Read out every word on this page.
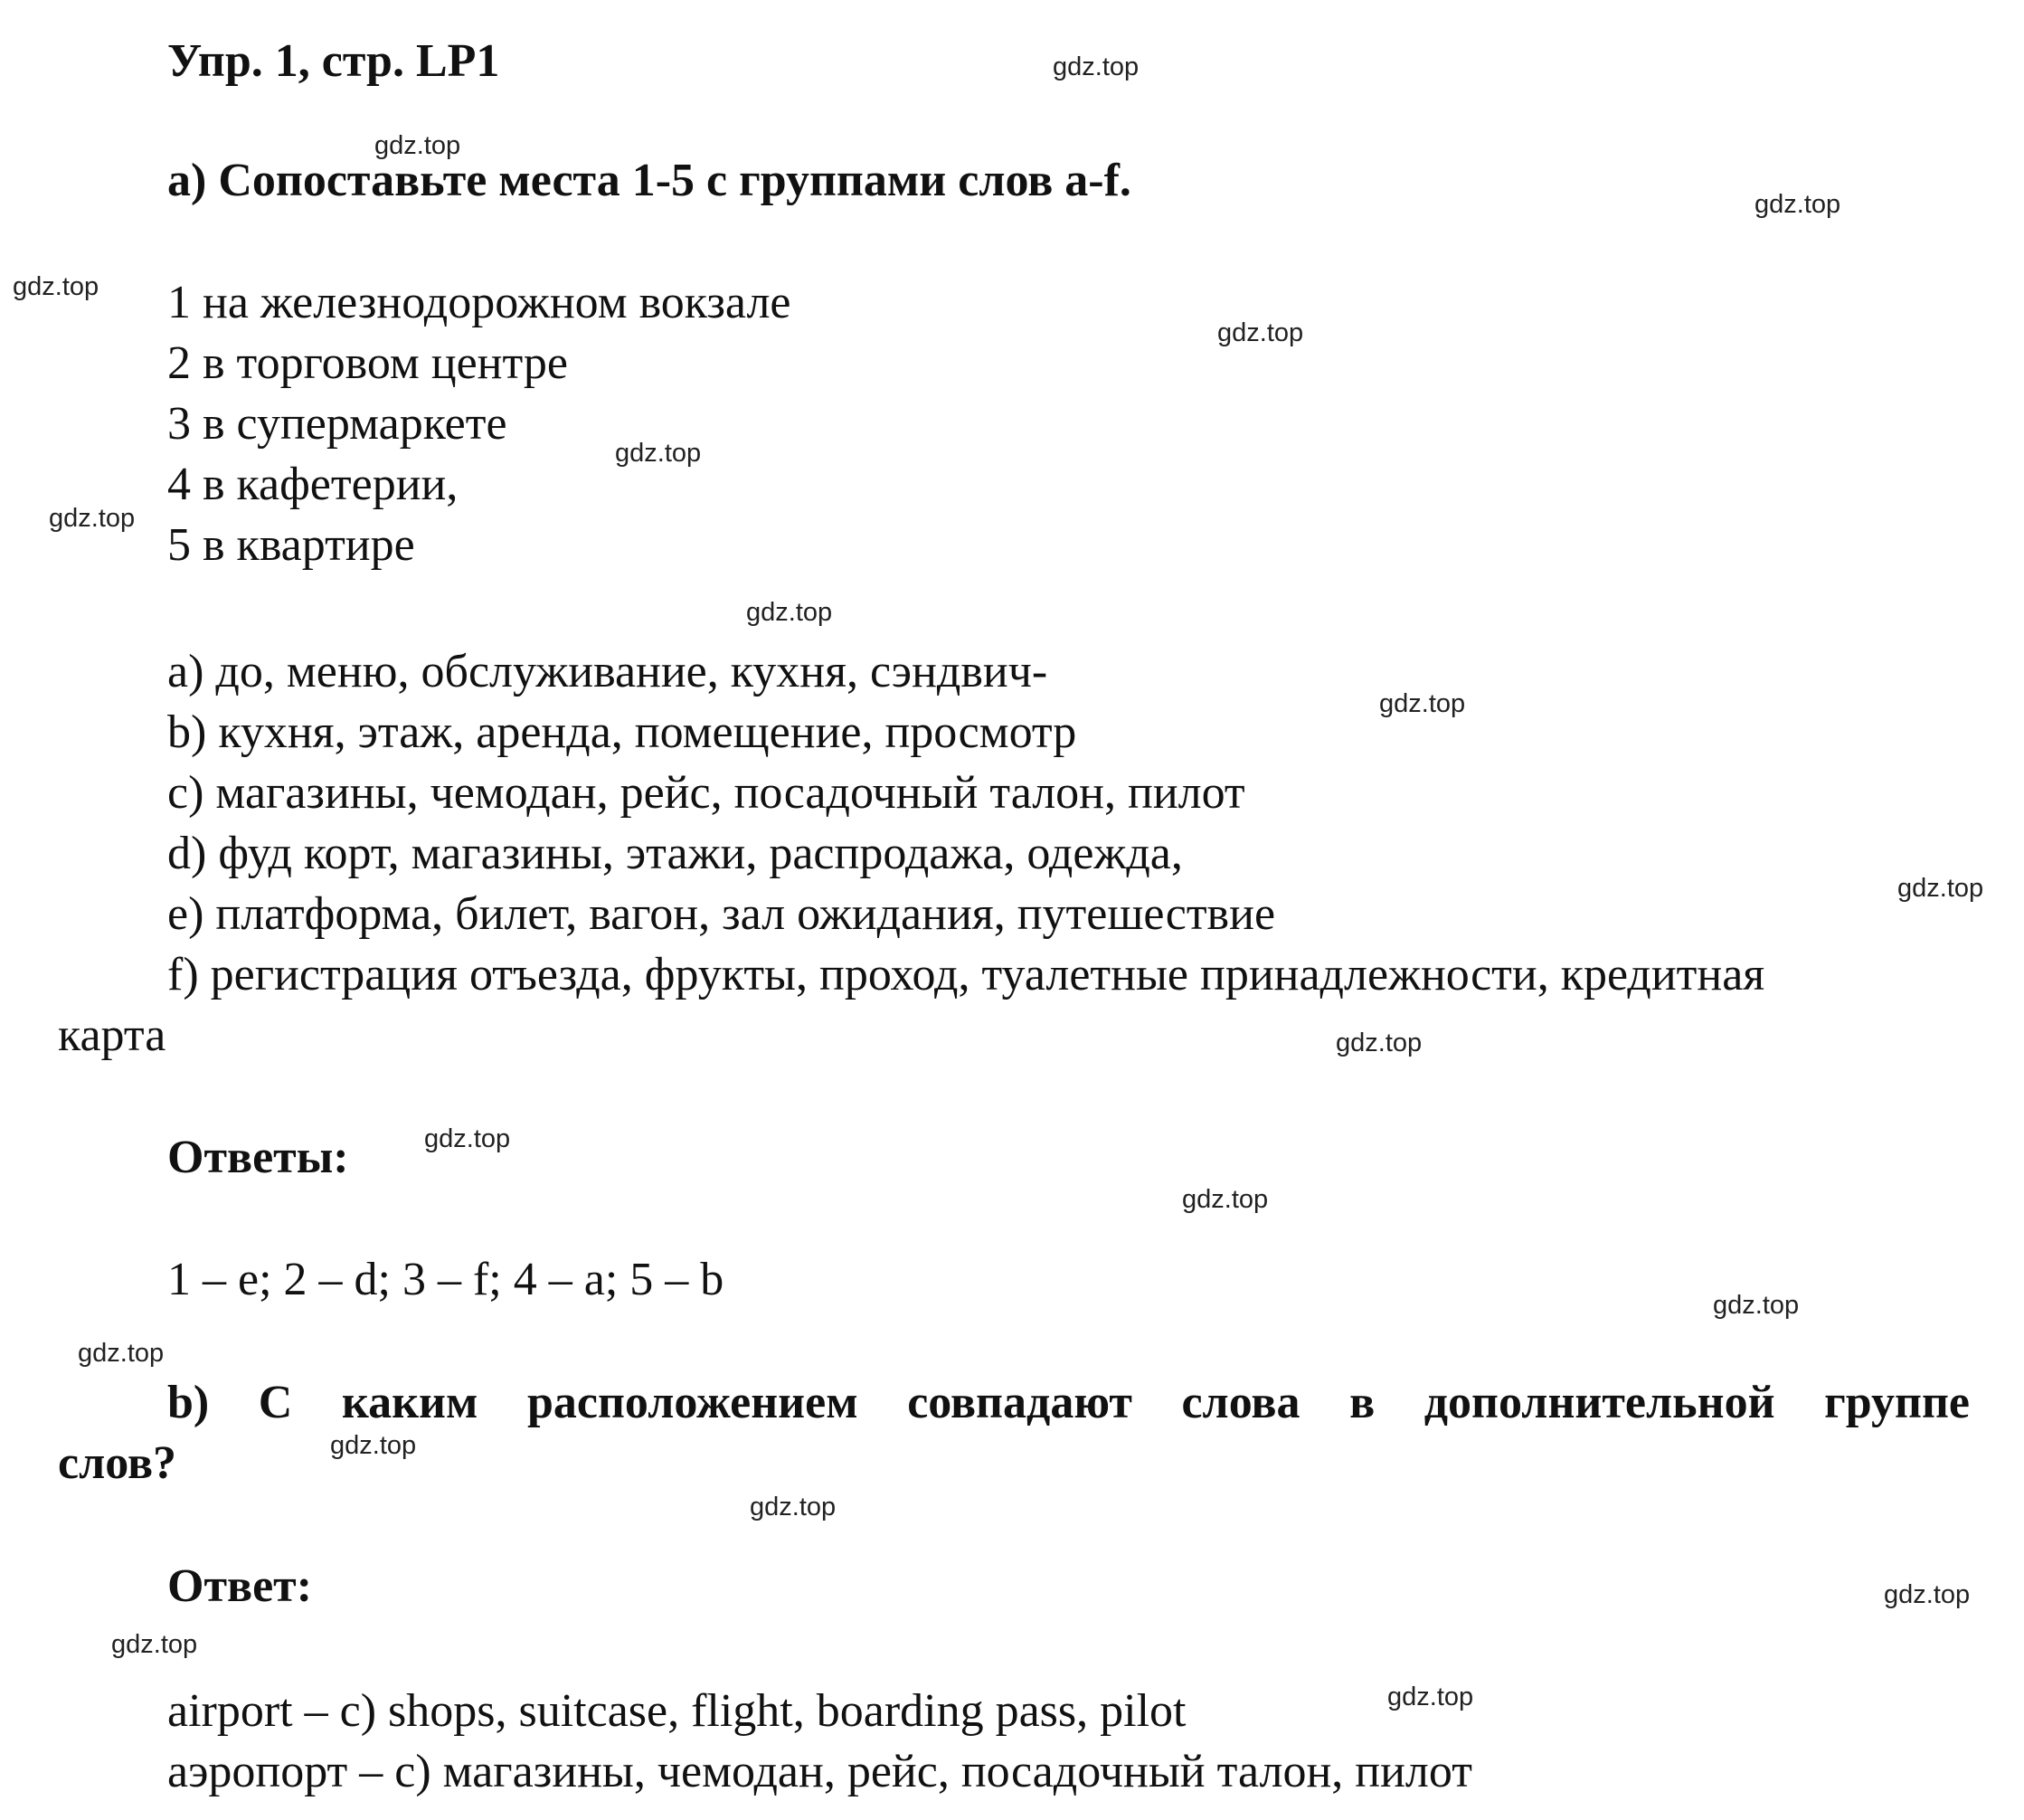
Упр. 1, стр. LP1
а) Сопоставьте места 1-5 с группами слов a-f.
1 на железнодорожном вокзале
2 в торговом центре
3 в супермаркете
4 в кафетерии,
5 в квартире
a) до, меню, обслуживание, кухня, сэндвич-
b) кухня, этаж, аренда, помещение, просмотр
c) магазины, чемодан, рейс, посадочный талон, пилот
d) фуд корт, магазины, этажи, распродажа, одежда,
e) платформа, билет, вагон, зал ожидания, путешествие
f) регистрация отъезда, фрукты, проход, туалетные принадлежности, кредитная
карта
Ответы:
1 – e; 2 – d; 3 – f; 4 – a; 5 – b
b) С каким расположением совпадают слова в дополнительной группе
слов?
Ответ:
airport – c) shops, suitcase, flight, boarding pass, pilot
аэропорт – c) магазины, чемодан, рейс, посадочный талон, пилот
gdz.top
gdz.top
gdz.top
gdz.top
gdz.top
gdz.top
gdz.top
gdz.top
gdz.top
gdz.top
gdz.top
gdz.top
gdz.top
gdz.top
gdz.top
gdz.top
gdz.top
gdz.top
gdz.top
gdz.top
